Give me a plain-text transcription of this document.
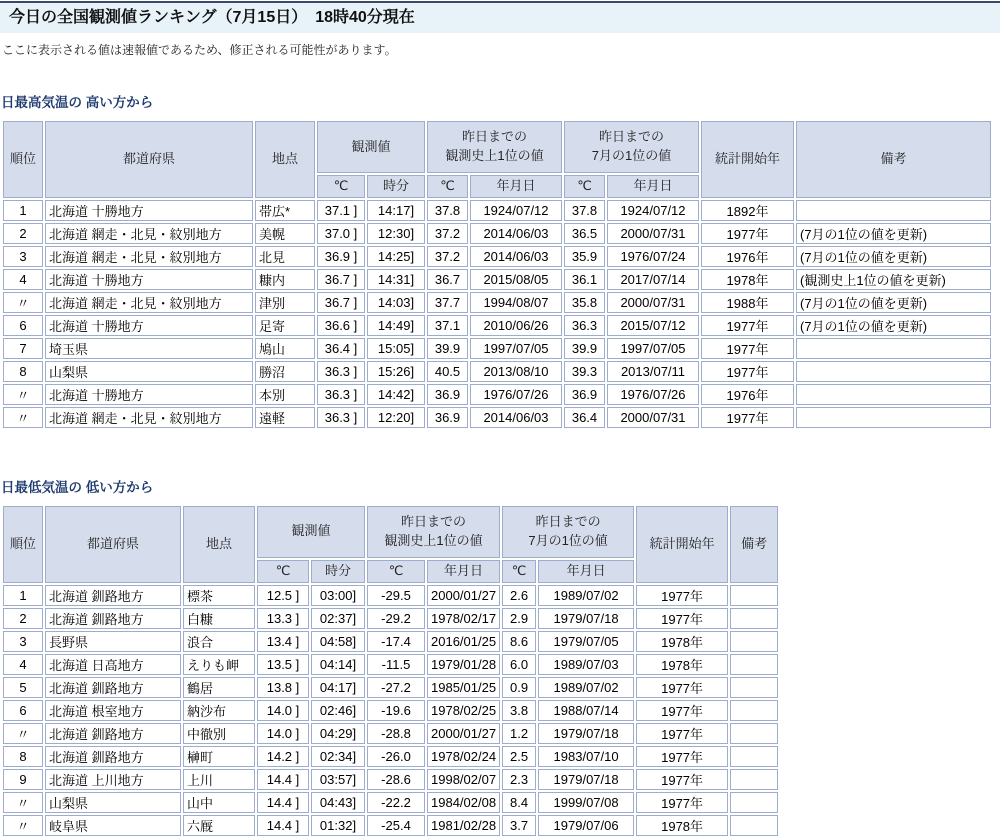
今日の全国観測値ランキング（7月15日）　18時40分現在
ここに表示される値は速報値であるため、修正される可能性があります。
日最高気温の 高い方から
順位	都道府県	地点	観測値		昨日までの
観測史上1位の値		昨日までの
7月の1位の値		統計開始年	備考
			℃	時分	℃	年月日	℃	年月日		
1	北海道 十勝地方	帯広*	37.1 ]	14:17]	37.8	1924/07/12	37.8	1924/07/12	1892年	
2	北海道 網走・北見・紋別地方	美幌	37.0 ]	12:30]	37.2	2014/06/03	36.5	2000/07/31	1977年	(7月の1位の値を更新)
3	北海道 網走・北見・紋別地方	北見	36.9 ]	14:25]	37.2	2014/06/03	35.9	1976/07/24	1976年	(7月の1位の値を更新)
4	北海道 十勝地方	糠内	36.7 ]	14:31]	36.7	2015/08/05	36.1	2017/07/14	1978年	(観測史上1位の値を更新)
〃	北海道 網走・北見・紋別地方	津別	36.7 ]	14:03]	37.7	1994/08/07	35.8	2000/07/31	1988年	(7月の1位の値を更新)
6	北海道 十勝地方	足寄	36.6 ]	14:49]	37.1	2010/06/26	36.3	2015/07/12	1977年	(7月の1位の値を更新)
7	埼玉県	鳩山	36.4 ]	15:05]	39.9	1997/07/05	39.9	1997/07/05	1977年	
8	山梨県	勝沼	36.3 ]	15:26]	40.5	2013/08/10	39.3	2013/07/11	1977年	
〃	北海道 十勝地方	本別	36.3 ]	14:42]	36.9	1976/07/26	36.9	1976/07/26	1976年	
〃	北海道 網走・北見・紋別地方	遠軽	36.3 ]	12:20]	36.9	2014/06/03	36.4	2000/07/31	1977年	
日最低気温の 低い方から
順位	都道府県	地点	観測値		昨日までの
観測史上1位の値		昨日までの
7月の1位の値		統計開始年	備考
			℃	時分	℃	年月日	℃	年月日		
1	北海道 釧路地方	標茶	12.5 ]	03:00]	-29.5	2000/01/27	2.6	1989/07/02	1977年	
2	北海道 釧路地方	白糠	13.3 ]	02:37]	-29.2	1978/02/17	2.9	1979/07/18	1977年	
3	長野県	浪合	13.4 ]	04:58]	-17.4	2016/01/25	8.6	1979/07/05	1978年	
4	北海道 日高地方	えりも岬	13.5 ]	04:14]	-11.5	1979/01/28	6.0	1989/07/03	1978年	
5	北海道 釧路地方	鶴居	13.8 ]	04:17]	-27.2	1985/01/25	0.9	1989/07/02	1977年	
6	北海道 根室地方	納沙布	14.0 ]	02:46]	-19.6	1978/02/25	3.8	1988/07/14	1977年	
〃	北海道 釧路地方	中徹別	14.0 ]	04:29]	-28.8	2000/01/27	1.2	1979/07/18	1977年	
8	北海道 釧路地方	榊町	14.2 ]	02:34]	-26.0	1978/02/24	2.5	1983/07/10	1977年	
9	北海道 上川地方	上川	14.4 ]	03:57]	-28.6	1998/02/07	2.3	1979/07/18	1977年	
〃	山梨県	山中	14.4 ]	04:43]	-22.2	1984/02/08	8.4	1999/07/08	1977年	
〃	岐阜県	六厩	14.4 ]	01:32]	-25.4	1981/02/28	3.7	1979/07/06	1978年	
